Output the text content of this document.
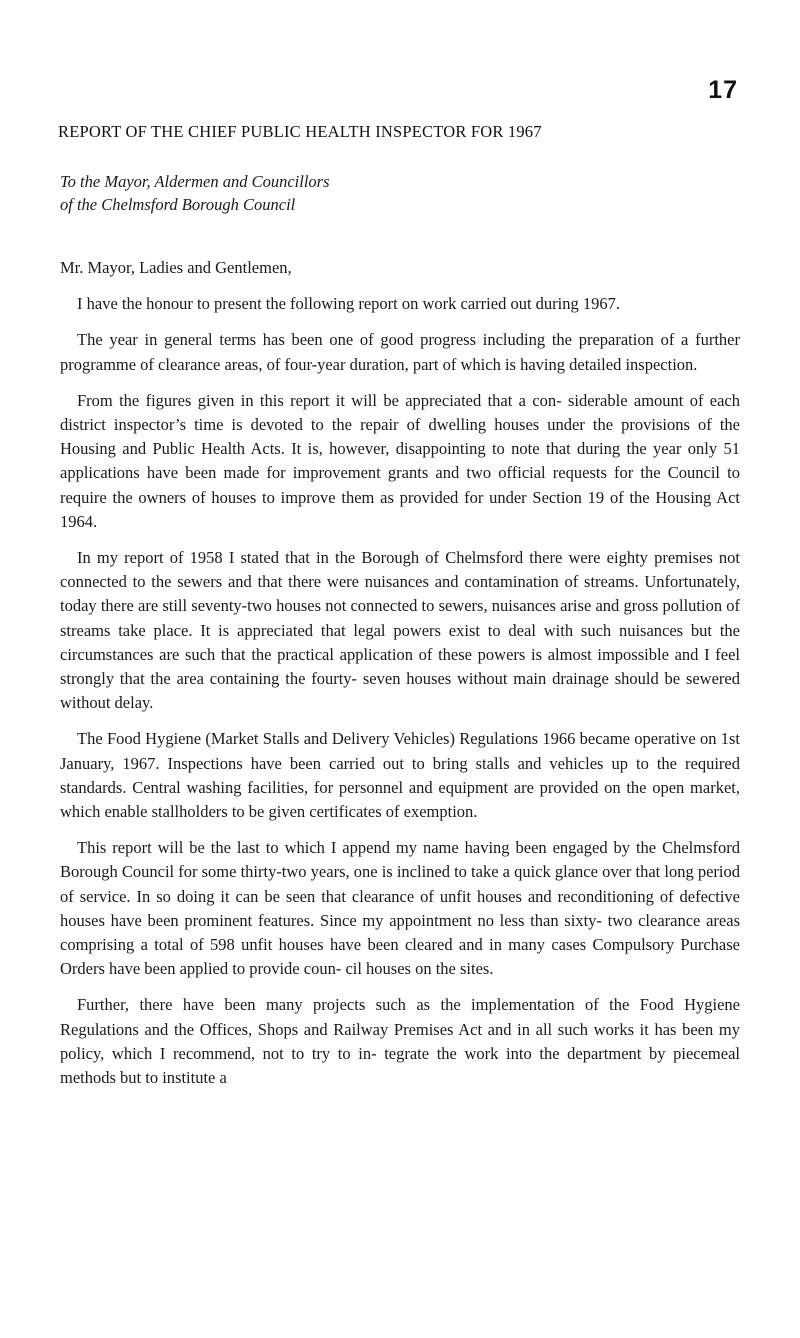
17
REPORT OF THE CHIEF PUBLIC HEALTH INSPECTOR FOR 1967
To the Mayor, Aldermen and Councillors
of the Chelmsford Borough Council

Mr. Mayor, Ladies and Gentlemen,

I have the honour to present the following report on work carried out during 1967.

The year in general terms has been one of good progress including the preparation of a further programme of clearance areas, of four-year duration, part of which is having detailed inspection.

From the figures given in this report it will be appreciated that a con- siderable amount of each district inspector’s time is devoted to the repair of dwelling houses under the provisions of the Housing and Public Health Acts. It is, however, disappointing to note that during the year only 51 applications have been made for improvement grants and two official requests for the Council to require the owners of houses to improve them as provided for under Section 19 of the Housing Act 1964.

In my report of 1958 I stated that in the Borough of Chelmsford there were eighty premises not connected to the sewers and that there were nuisances and contamination of streams. Unfortunately, today there are still seventy-two houses not connected to sewers, nuisances arise and gross pollution of streams take place. It is appreciated that legal powers exist to deal with such nuisances but the circumstances are such that the practical application of these powers is almost impossible and I feel strongly that the area containing the fourty- seven houses without main drainage should be sewered without delay.

The Food Hygiene (Market Stalls and Delivery Vehicles) Regulations 1966 became operative on 1st January, 1967. Inspections have been carried out to bring stalls and vehicles up to the required standards. Central washing facilities, for personnel and equipment are provided on the open market, which enable stallholders to be given certificates of exemption.

This report will be the last to which I append my name having been engaged by the Chelmsford Borough Council for some thirty-two years, one is inclined to take a quick glance over that long period of service. In so doing it can be seen that clearance of unfit houses and reconditioning of defective houses have been prominent features. Since my appointment no less than sixty- two clearance areas comprising a total of 598 unfit houses have been cleared and in many cases Compulsory Purchase Orders have been applied to provide coun- cil houses on the sites.

Further, there have been many projects such as the implementation of the Food Hygiene Regulations and the Offices, Shops and Railway Premises Act and in all such works it has been my policy, which I recommend, not to try to in- tegrate the work into the department by piecemeal methods but to institute a
